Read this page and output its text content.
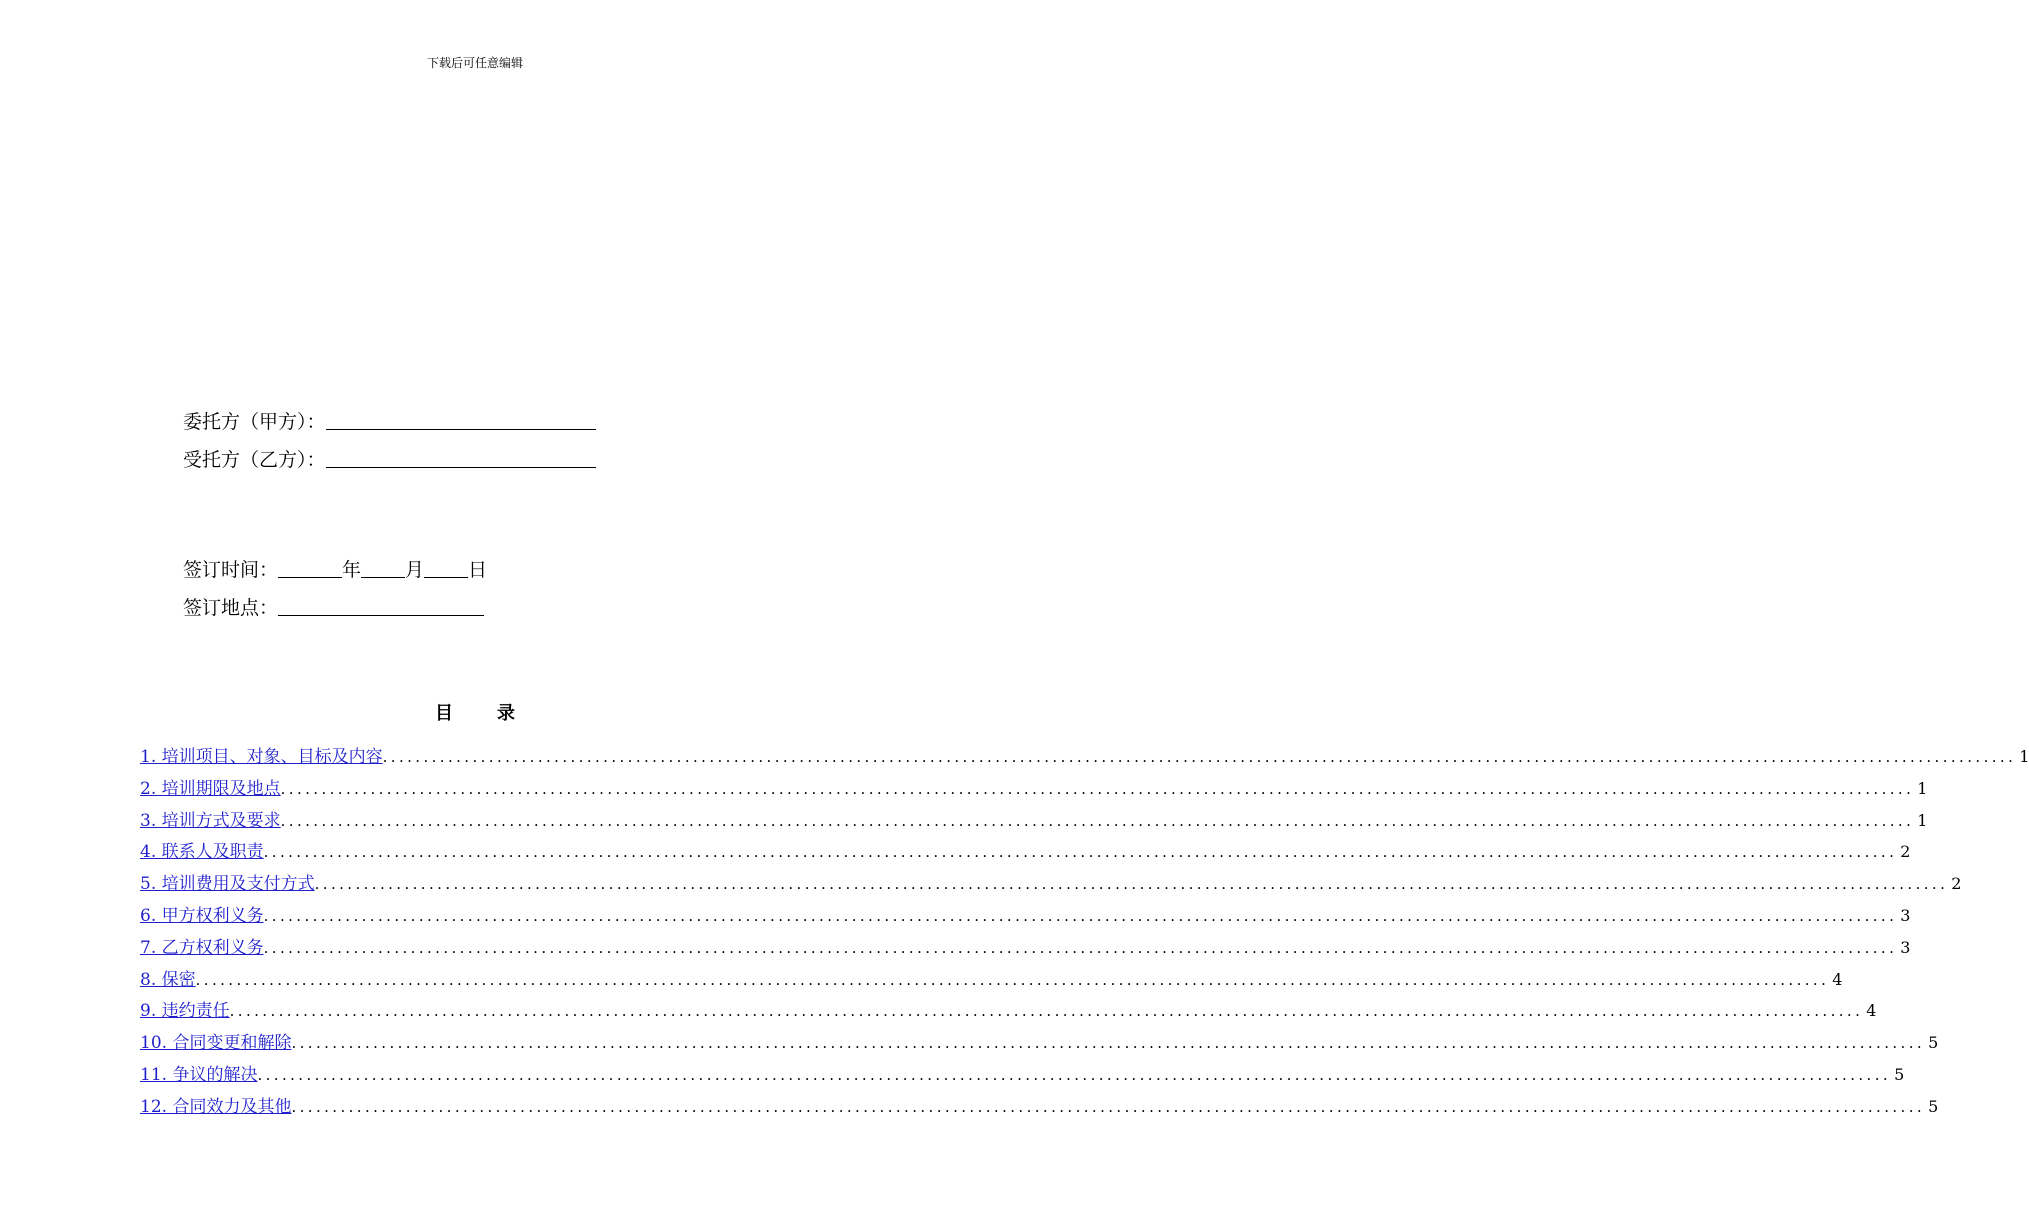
下载后可任意编辑
委托方（甲方）：
受托方（乙方）：
签订时间：	年 月 日
签订地点：
目录
1. 培训项目、对象、目标及内容 ........................................................................................................................................................................................................ 1
2. 培训期限及地点 ........................................................................................................................................................................................................ 1
3. 培训方式及要求 ........................................................................................................................................................................................................ 1
4. 联系人及职责 ........................................................................................................................................................................................................ 2
5. 培训费用及支付方式 ........................................................................................................................................................................................................ 2
6. 甲方权利义务 ........................................................................................................................................................................................................ 3
7. 乙方权利义务 ........................................................................................................................................................................................................ 3
8. 保密 ........................................................................................................................................................................................................ 4
9. 违约责任 ........................................................................................................................................................................................................ 4
10. 合同变更和解除 ........................................................................................................................................................................................................ 5
11. 争议的解决 ........................................................................................................................................................................................................ 5
12. 合同效力及其他 ........................................................................................................................................................................................................ 5
